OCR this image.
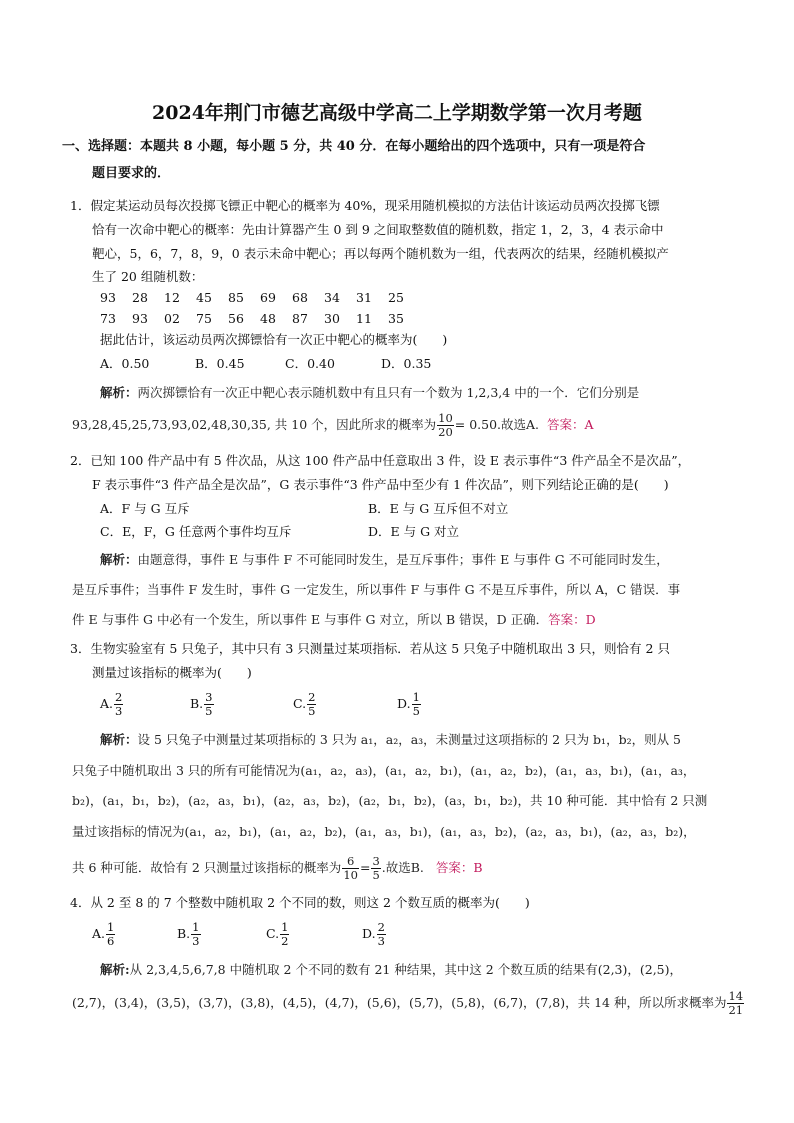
2024年荆门市德艺高级中学高二上学期数学第一次月考题
一、选择题：本题共 8 小题，每小题 5 分，共 40 分．在每小题给出的四个选项中，只有一项是符合
题目要求的．
1．假定某运动员每次投掷飞镖正中靶心的概率为 40%，现采用随机模拟的方法估计该运动员两次投掷飞镖
恰有一次命中靶心的概率：先由计算器产生 0 到 9 之间取整数值的随机数，指定 1，2，3，4 表示命中
靶心，5，6，7，8，9，0 表示未命中靶心；再以每两个随机数为一组，代表两次的结果，经随机模拟产
生了 20 组随机数：
93 28 12 45 85 69 68 34 31 25
73 93 02 75 56 48 87 30 11 35
据此估计，该运动员两次掷镖恰有一次正中靶心的概率为(　　)
A．0.50	B．0.45	C．0.40	D．0.35
解析：两次掷镖恰有一次正中靶心表示随机数中有且只有一个数为 1,2,3,4 中的一个．它们分别是
93,28,45,25,73,93,02,48,30,35, 共 10 个，因此所求的概率为 $\frac{10}{20} = 0.50$.故选A. 答案：A
2．已知 100 件产品中有 5 件次品，从这 100 件产品中任意取出 3 件，设 E 表示事件“3 件产品全不是次品”，
F 表示事件“3 件产品全是次品”，G 表示事件“3 件产品中至少有 1 件次品”，则下列结论正确的是(　　)
A．F 与 G 互斥	B．E 与 G 互斥但不对立
C．E，F，G 任意两个事件均互斥	D．E 与 G 对立
解析：由题意得，事件 E 与事件 F 不可能同时发生，是互斥事件；事件 E 与事件 G 不可能同时发生，
是互斥事件；当事件 F 发生时，事件 G 一定发生，所以事件 F 与事件 G 不是互斥事件，所以 A，C 错误．事
件 E 与事件 G 中必有一个发生，所以事件 E 与事件 G 对立，所以 B 错误，D 正确．答案：D
3．生物实验室有 5 只兔子，其中只有 3 只测量过某项指标．若从这 5 只兔子中随机取出 3 只，则恰有 2 只
测量过该指标的概率为(　　)
A. $\frac{2}{3}$	B. $\frac{3}{5}$	C. $\frac{2}{5}$	D. $\frac{1}{5}$
解析：设 5 只兔子中测量过某项指标的 3 只为 a₁，a₂，a₃，未测量过这项指标的 2 只为 b₁，b₂，则从 5
只兔子中随机取出 3 只的所有可能情况为(a₁，a₂，a₃)，(a₁，a₂，b₁)，(a₁，a₂，b₂)，(a₁，a₃，b₁)，(a₁，a₃，
b₂)，(a₁，b₁，b₂)，(a₂，a₃，b₁)，(a₂，a₃，b₂)，(a₂，b₁，b₂)，(a₃，b₁，b₂)，共 10 种可能．其中恰有 2 只测
量过该指标的情况为(a₁，a₂，b₁)，(a₁，a₂，b₂)，(a₁，a₃，b₁)，(a₁，a₃，b₂)，(a₂，a₃，b₁)，(a₂，a₃，b₂)，
共 6 种可能．故恰有 2 只测量过该指标的概率为 $\frac{6}{10} = \frac{3}{5}$ .故选B. 答案：B
4．从 2 至 8 的 7 个整数中随机取 2 个不同的数，则这 2 个数互质的概率为(　　)
A. $\frac{1}{6}$	B. $\frac{1}{3}$	C. $\frac{1}{2}$	D. $\frac{2}{3}$
解析:从 2,3,4,5,6,7,8 中随机取 2 个不同的数有 21 种结果，其中这 2 个数互质的结果有(2,3)，(2,5)，
(2,7)，(3,4)，(3,5)，(3,7)，(3,8)，(4,5)，(4,7)，(5,6)，(5,7)，(5,8)，(6,7)，(7,8)，共 14 种，所以所求概率为 $\frac{14}{21}$
